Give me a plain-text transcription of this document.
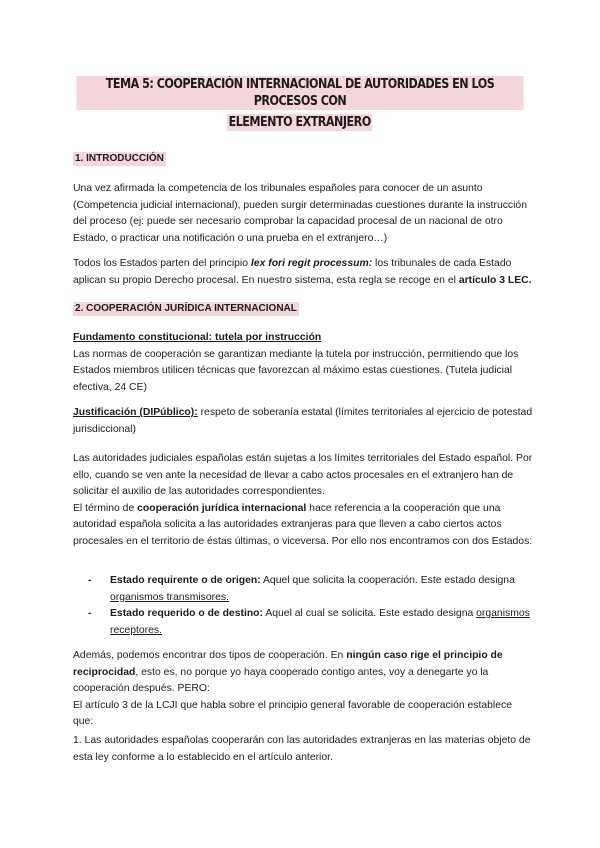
TEMA 5: COOPERACIÓN INTERNACIONAL DE AUTORIDADES EN LOS PROCESOS CON
ELEMENTO EXTRANJERO
1. INTRODUCCIÓN

Una vez afirmada la competencia de los tribunales españoles para conocer de un asunto (Competencia judicial internacional), pueden surgir determinadas cuestiones durante la instrucción del proceso (ej: puede ser necesario comprobar la capacidad procesal de un nacional de otro Estado, o practicar una notificación o una prueba en el extranjero…)

Todos los Estados parten del principio lex fori regit processum: los tribunales de cada Estado aplican su propio Derecho procesal. En nuestro sistema, esta regla se recoge en el artículo 3 LEC.

2. COOPERACIÓN JURÍDICA INTERNACIONAL

Fundamento constitucional: tutela por instrucción

Las normas de cooperación se garantizan mediante la tutela por instrucción, permitiendo que los Estados miembros utilicen técnicas que favorezcan al máximo estas cuestiones. (Tutela judicial efectiva, 24 CE)

Justificación (DIPúblico): respeto de soberanía estatal (límites territoriales al ejercicio de potestad jurisdiccional)

Las autoridades judiciales españolas están sujetas a los límites territoriales del Estado español. Por ello, cuando se ven ante la necesidad de llevar a cabo actos procesales en el extranjero han de solicitar el auxilio de las autoridades correspondientes.

El término de cooperación jurídica internacional hace referencia a la cooperación que una autoridad española solicita a las autoridades extranjeras para que lleven a cabo ciertos actos procesales en el territorio de éstas últimas, o viceversa. Por ello nos encontramos con dos Estados:

- Estado requirente o de origen: Aquel que solicita la cooperación. Este estado designa organismos transmisores.
- Estado requerido o de destino: Aquel al cual se solicita. Este estado designa organismos receptores.

Además, podemos encontrar dos tipos de cooperación. En ningún caso rige el principio de reciprocidad, esto es, no porque yo haya cooperado contigo antes, voy a denegarte yo la cooperación después. PERO:

El artículo 3 de la LCJI que habla sobre el principio general favorable de cooperación establece que:

1. Las autoridades españolas cooperarán con las autoridades extranjeras en las materias objeto de esta ley conforme a lo establecido en el artículo anterior.
